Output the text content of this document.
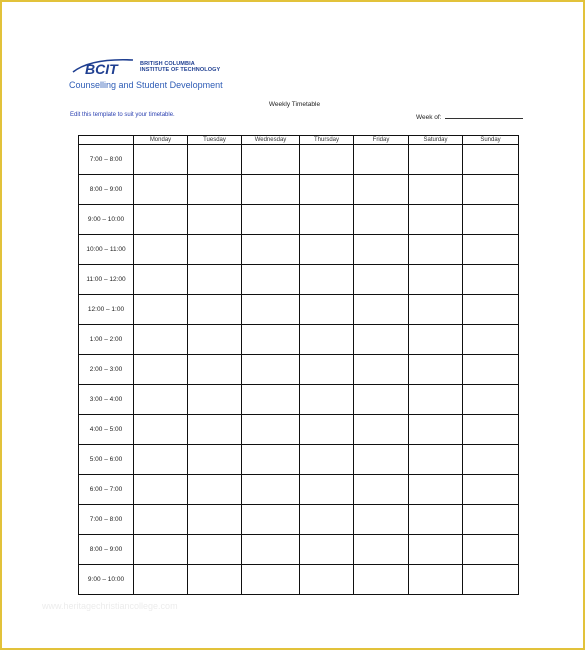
BCIT	BRITISH COLUMBIA
INSTITUTE OF TECHNOLOGY
Counselling and Student Development
Weekly Timetable
Edit this template to suit your timetable.	Week of:
	Monday	Tuesday	Wednesday	Thursday	Friday	Saturday	Sunday
7:00 – 8:00							
8:00 – 9:00							
9:00 – 10:00							
10:00 – 11:00							
11:00 – 12:00							
12:00 – 1:00							
1:00 – 2:00							
2:00 – 3:00							
3:00 – 4:00							
4:00 – 5:00							
5:00 – 6:00							
6:00 – 7:00							
7:00 – 8:00							
8:00 – 9:00							
9:00 – 10:00							
www.heritagechristiancollege.com
